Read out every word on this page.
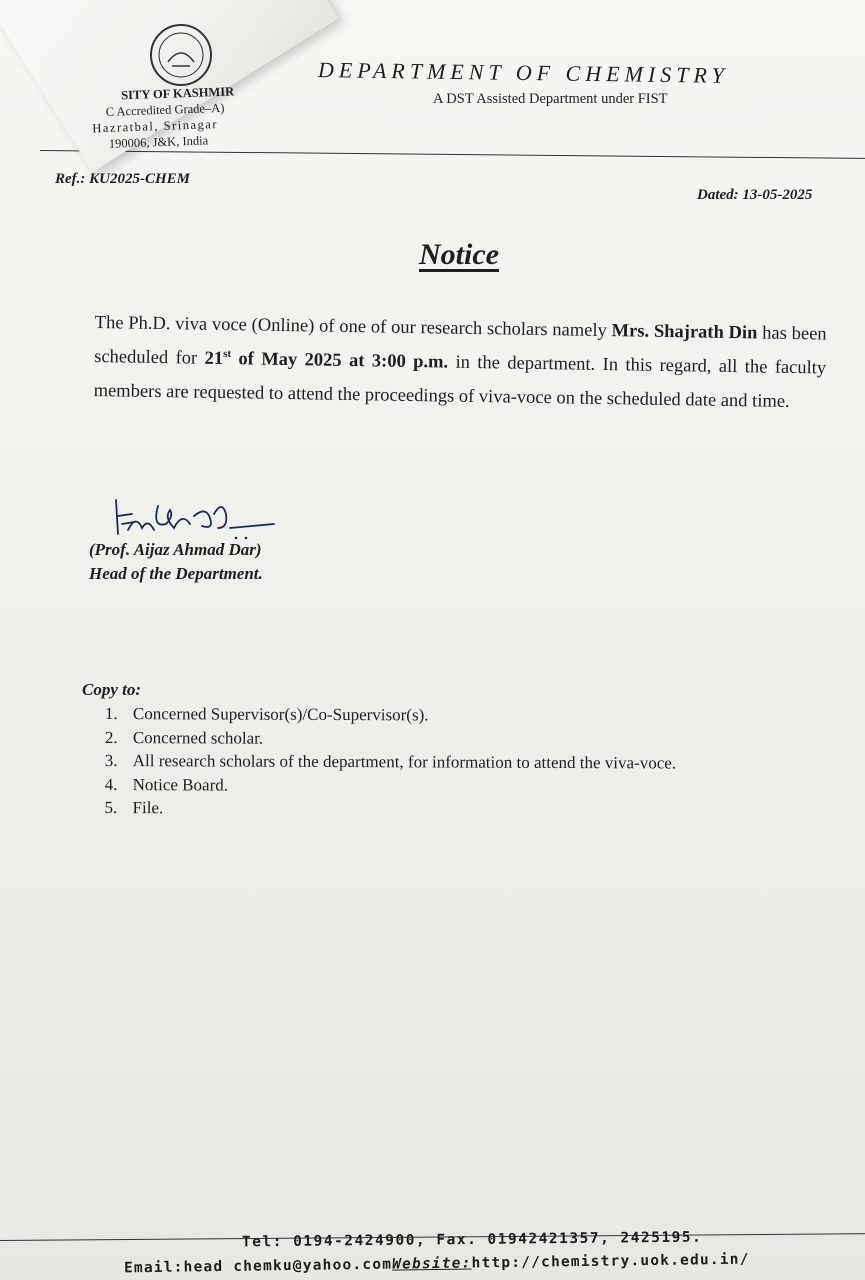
SITY OF KASHMIR
C Accredited Grade–A)
Hazratbal, Srinagar
190006, J&K, India
DEPARTMENT OF CHEMISTRY
A DST Assisted Department under FIST
Ref.: KU2025-CHEM
Dated: 13-05-2025
Notice
The Ph.D. viva voce (Online) of one of our research scholars namely Mrs. Shajrath Din has been scheduled for 21st of May 2025 at 3:00 p.m. in the department. In this regard, all the faculty members are requested to attend the proceedings of viva-voce on the scheduled date and time.
(Prof. Aijaz Ahmad Dar)
Head of the Department.
Copy to:
1. Concerned Supervisor(s)/Co-Supervisor(s).
2. Concerned scholar.
3. All research scholars of the department, for information to attend the viva-voce.
4. Notice Board.
5. File.
Tel: 0194-2424900, Fax. 01942421357, 2425195.
Email:head chemku@yahoo.comWebsite:http://chemistry.uok.edu.in/
